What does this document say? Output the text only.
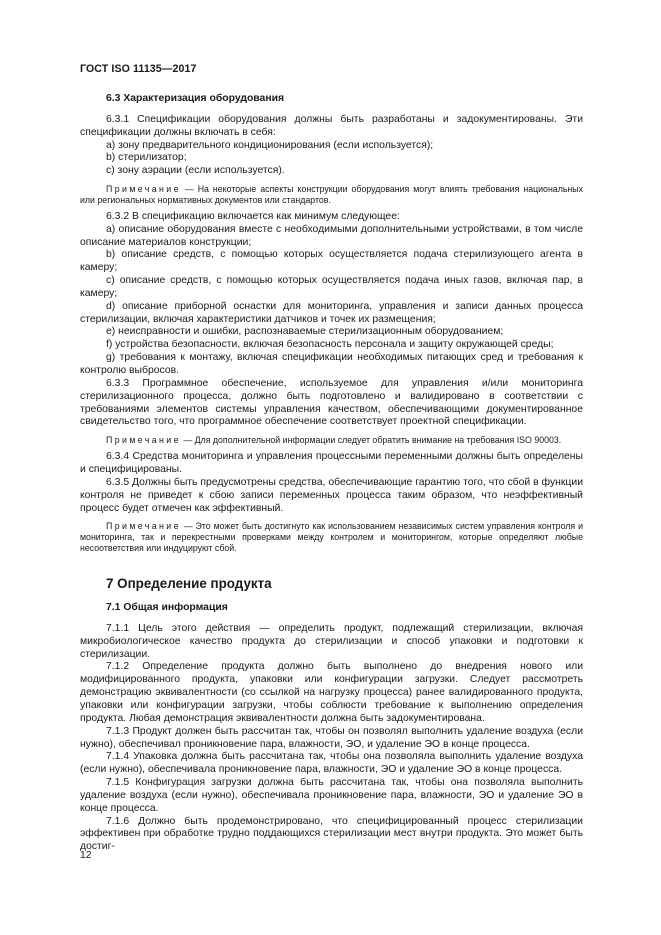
ГОСТ ISO 11135—2017

6.3 Характеризация оборудования

6.3.1 Спецификации оборудования должны быть разработаны и задокументированы. Эти спецификации должны включать в себя:

a) зону предварительного кондиционирования (если используется);

b) стерилизатор;

c) зону аэрации (если используется).

Примечание — На некоторые аспекты конструкции оборудования могут влиять требования национальных или региональных нормативных документов или стандартов.

6.3.2 В спецификацию включается как минимум следующее:

a) описание оборудования вместе с необходимыми дополнительными устройствами, в том числе описание материалов конструкции;

b) описание средств, с помощью которых осуществляется подача стерилизующего агента в камеру;

c) описание средств, с помощью которых осуществляется подача иных газов, включая пар, в камеру;

d) описание приборной оснастки для мониторинга, управления и записи данных процесса стерилизации, включая характеристики датчиков и точек их размещения;

e) неисправности и ошибки, распознаваемые стерилизационным оборудованием;

f) устройства безопасности, включая безопасность персонала и защиту окружающей среды;

g) требования к монтажу, включая спецификации необходимых питающих сред и требования к контролю выбросов.

6.3.3 Программное обеспечение, используемое для управления и/или мониторинга стерилизационного процесса, должно быть подготовлено и валидировано в соответствии с требованиями элементов системы управления качеством, обеспечивающими документированное свидетельство того, что программное обеспечение соответствует проектной спецификации.

Примечание — Для дополнительной информации следует обратить внимание на требования ISO 90003.

6.3.4 Средства мониторинга и управления процессными переменными должны быть определены и специфицированы.

6.3.5 Должны быть предусмотрены средства, обеспечивающие гарантию того, что сбой в функции контроля не приведет к сбою записи переменных процесса таким образом, что неэффективный процесс будет отмечен как эффективный.

Примечание — Это может быть достигнуто как использованием независимых систем управления контроля и мониторинга, так и перекрестными проверками между контролем и мониторингом, которые определяют любые несоответствия или индуцируют сбой.

7 Определение продукта

7.1 Общая информация

7.1.1 Цель этого действия — определить продукт, подлежащий стерилизации, включая микробиологическое качество продукта до стерилизации и способ упаковки и подготовки к стерилизации.

7.1.2 Определение продукта должно быть выполнено до внедрения нового или модифицированного продукта, упаковки или конфигурации загрузки. Следует рассмотреть демонстрацию эквивалентности (со ссылкой на нагрузку процесса) ранее валидированного продукта, упаковки или конфигурации загрузки, чтобы соблюсти требование к выполнению определения продукта. Любая демонстрация эквивалентности должна быть задокументирована.

7.1.3 Продукт должен быть рассчитан так, чтобы он позволял выполнить удаление воздуха (если нужно), обеспечивал проникновение пара, влажности, ЭО, и удаление ЭО в конце процесса.

7.1.4 Упаковка должна быть рассчитана так, чтобы она позволяла выполнить удаление воздуха (если нужно), обеспечивала проникновение пара, влажности, ЭО и удаление ЭО в конце процесса.

7.1.5 Конфигурация загрузки должна быть рассчитана так, чтобы она позволяла выполнить удаление воздуха (если нужно), обеспечивала проникновение пара, влажности, ЭО и удаление ЭО в конце процесса.

7.1.6 Должно быть продемонстрировано, что специфицированный процесс стерилизации эффективен при обработке трудно поддающихся стерилизации мест внутри продукта. Это может быть достиг-

12
